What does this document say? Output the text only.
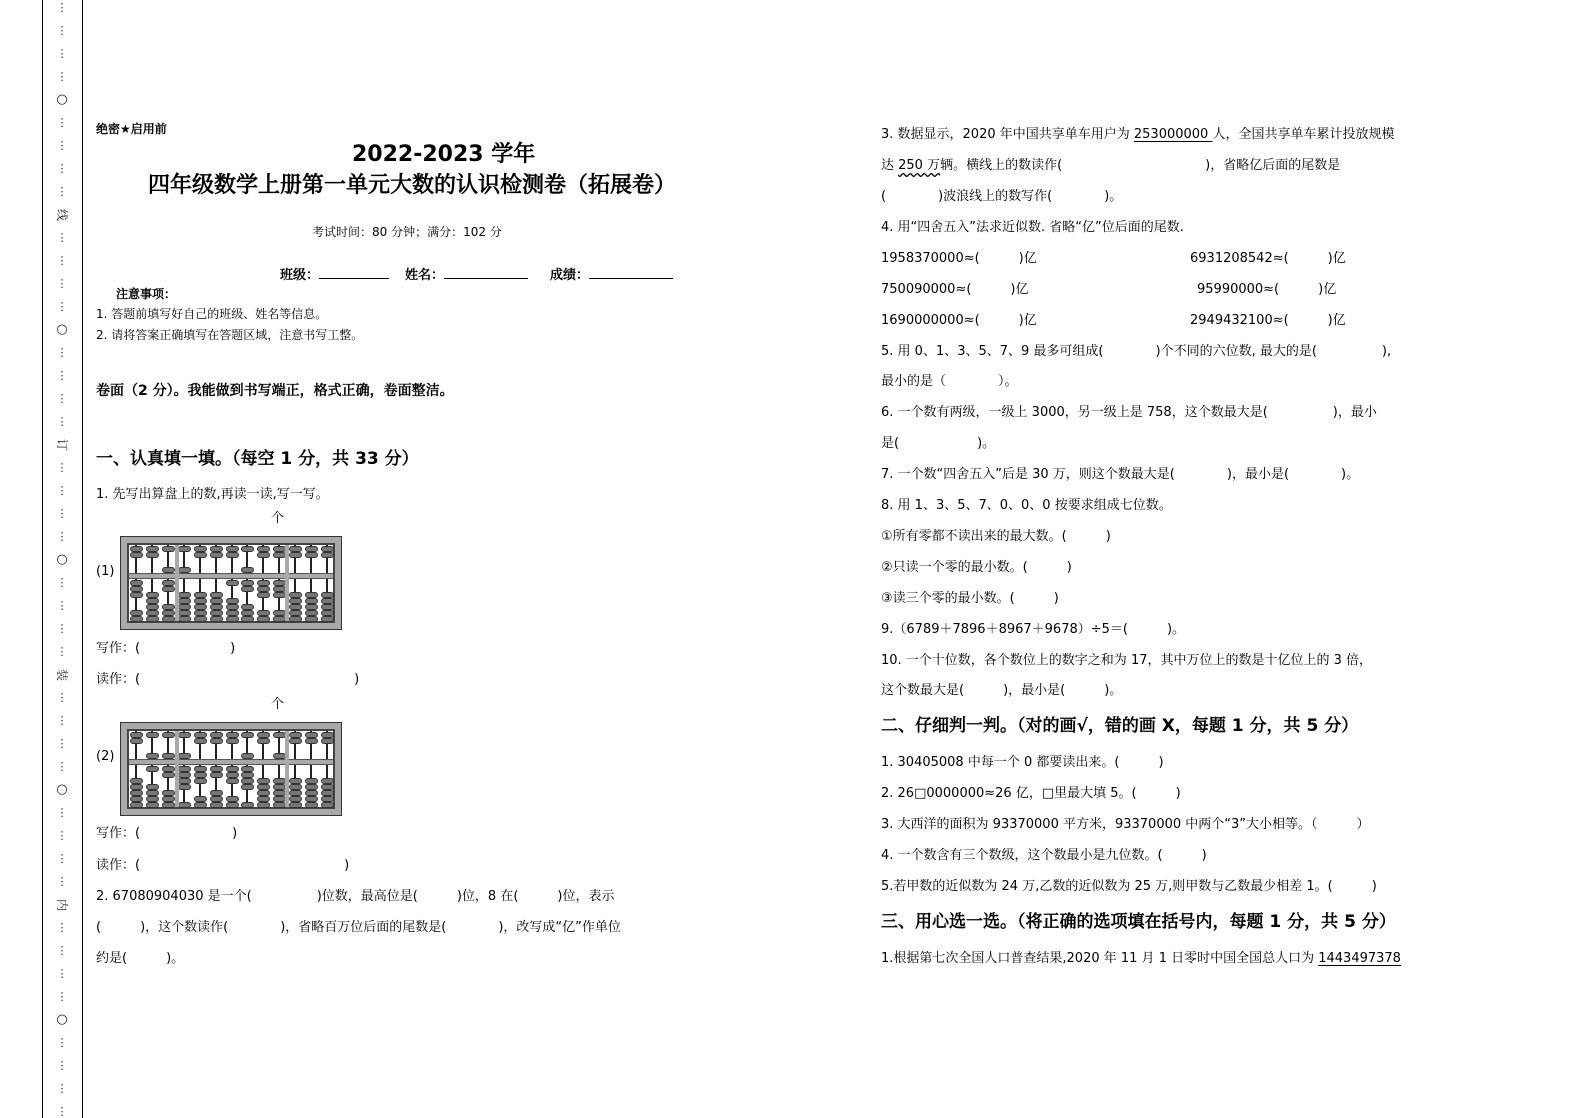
⋮
⋮
⋮
⋮
○
⋮
⋮
⋮
⋮
线
⋮
⋮
⋮
⋮
○
⋮
⋮
⋮
⋮
订
⋮
⋮
⋮
⋮
○
⋮
⋮
⋮
⋮
装
⋮
⋮
⋮
⋮
○
⋮
⋮
⋮
⋮
内
⋮
⋮
⋮
⋮
○
⋮
⋮
⋮
⋮
绝密★启用前
2022-2023 学年
四年级数学上册第一单元大数的认识检测卷（拓展卷）
考试时间：80 分钟；满分：102 分
班级：	姓名：	成绩：
注意事项：
1. 答题前填写好自己的班级、姓名等信息。
2. 请将答案正确填写在答题区域，注意书写工整。
卷面（2 分）。我能做到书写端正，格式正确，卷面整洁。
一、认真填一填。（每空 1 分，共 33 分）
1. 先写出算盘上的数,再读一读,写一写。
个
(1)
写作：(	)
读作：(	)
个
(2)
写作：(	)
读作：(	)
2. 67080904030 是一个(　　　　　)位数，最高位是(　　　)位，8 在(　　　)位，表示
(　　　)，这个数读作(　　　　)，省略百万位后面的尾数是(　　　　)，改写成“亿”作单位
约是(　　　)。
3. 数据显示，2020 年中国共享单车用户为 253000000 人，全国共享单车累计投放规模
达 250 万辆。横线上的数读作(　　　　　　　　　　　)，省略亿后面的尾数是
(　　　　)波浪线上的数写作(　　　　)。
4. 用“四舍五入”法求近似数. 省略“亿”位后面的尾数.
1958370000≈(　　　)亿	6931208542≈(　　　)亿
750090000≈(　　　)亿	95990000≈(　　　)亿
1690000000≈(　　　)亿	2949432100≈(　　　)亿
5. 用 0、1、3、5、7、9 最多可组成(　　　　)个不同的六位数, 最大的是(　　　　　),
最小的是（　　　　）。
6. 一个数有两级，一级上 3000，另一级上是 758，这个数最大是(　　　　　)，最小
是(　　　　　　)。
7. 一个数“四舍五入”后是 30 万，则这个数最大是(　　　　)，最小是(　　　　)。
8. 用 1、3、5、7、0、0、0 按要求组成七位数。
①所有零都不读出来的最大数。(　　　)
②只读一个零的最小数。(　　　)
③读三个零的最小数。(　　　)
9.（6789＋7896＋8967＋9678）÷5＝(　　　)。
10. 一个十位数，各个数位上的数字之和为 17，其中万位上的数是十亿位上的 3 倍，
这个数最大是(　　　)，最小是(　　　)。
二、仔细判一判。（对的画√，错的画 X，每题 1 分，共 5 分）
1. 30405008 中每一个 0 都要读出来。(　　　)
2. 26□0000000≈26 亿，□里最大填 5。(　　　)
3. 大西洋的面积为 93370000 平方米，93370000 中两个“3”大小相等。（　　　）
4. 一个数含有三个数级，这个数最小是九位数。(　　　)
5.若甲数的近似数为 24 万,乙数的近似数为 25 万,则甲数与乙数最少相差 1。(　　　)
三、用心选一选。（将正确的选项填在括号内，每题 1 分，共 5 分）
1.根据第七次全国人口普查结果,2020 年 11 月 1 日零时中国全国总人口为 1443497378
